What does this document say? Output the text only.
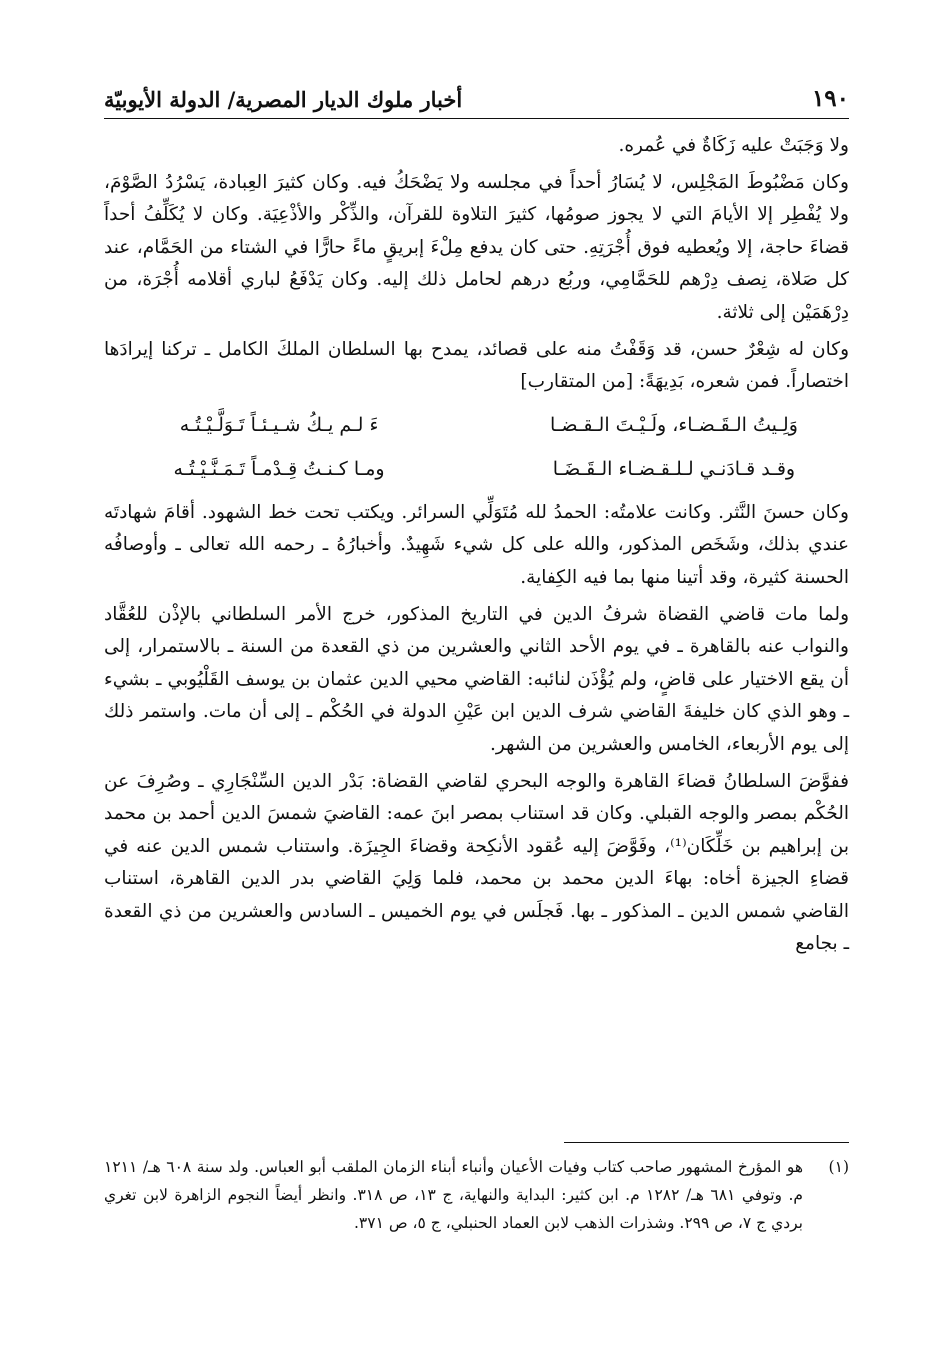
١٩٠
أخبار ملوك الديار المصرية/ الدولة الأيوبيّة

ولا وَجَبَتْ عليه زَكَاةٌ في عُمره.

وكان مَضْبُوطَ المَجْلِس، لا يُسَارُ أحداً في مجلسه ولا يَضْحَكُ فيه. وكان كثيرَ العِبادة، يَسْرُدُ الصَّوْمَ، ولا يُفْطِر إلا الأيامَ التي لا يجوز صومُها، كثيرَ التلاوة للقرآن، والذِّكْر والأذْعِيَة. وكان لا يُكَلِّفُ أحداً قضاءَ حاجة، إلا ويُعطيه فوق أُجْرَتِهِ. حتى كان يدفع مِلْءَ إبريقٍ ماءً حارًّا في الشتاء من الحَمَّام، عند كل صَلاة، نِصف دِرْهم للحَمَّامِي، وربُع درهم لحامل ذلك إليه. وكان يَدْفَعُ لباري أقلامه أُجْرَة، من دِرْهَمَيْن إلى ثلاثة.

وكان له شِعْرٌ حسن، قد وَقَفْتُ منه على قصائد، يمدح بها السلطان الملكَ الكامل ـ تركنا إيرادَها اختصاراً. فمن شعره، بَدِيهَةً: [من المتقارب]

وَلِـيتُ الـقَـضـاء، ولَـيْـتَ الـقـضـا
ءَ لـم يـكُ شـيـئـاً تَـوَلَّـيْـتُـه
وقـد قـادَنـي لـلـقـضـاء الـقَـضَـا
ومـا كـنـتُ قِـدْمـاً تَـمَـنَّـيْـتُـه

وكان حسنَ النَّثر. وكانت علامتُه: الحمدُ لله مُتَوَلِّي السرائر. ويكتب تحت خط الشهود. أقامَ شهادتَه عندي بذلك، وشَخَص المذكور، والله على كل شيء شَهِيدٌ. وأخبارُهُ ـ رحمه الله تعالى ـ وأوصافُه الحسنة كثيرة، وقد أتينا منها بما فيه الكِفاية.

ولما مات قاضي القضاة شرفُ الدين في التاريخ المذكور، خرج الأمر السلطاني بالإذْن للعُقَّاد والنواب عنه بالقاهرة ـ في يوم الأحد الثاني والعشرين من ذي القعدة من السنة ـ بالاستمرار، إلى أن يقع الاختيار على قاضٍ، ولم يُؤْذَن لنائبه: القاضي محيي الدين عثمان بن يوسف القَلْيُوبي ـ بشيء ـ وهو الذي كان خليفةَ القاضي شرف الدين ابن عَيْنِ الدولة في الحُكْم ـ إلى أن مات. واستمر ذلك إلى يوم الأربعاء، الخامس والعشرين من الشهر.

ففوَّضَ السلطانُ قضاءَ القاهرة والوجه البحري لقاضي القضاة: بَدْر الدين السِّنْجَارِي ـ وصُرِفَ عن الحُكْم بمصر والوجه القبلي. وكان قد استناب بمصر ابنَ عمه: القاضيَ شمسَ الدين أحمد بن محمد بن إبراهيم بن خَلِّكَان⁽¹⁾، وفَوَّضَ إليه عُقود الأنكِحة وقضاءَ الجِيزَة. واستناب شمس الدين عنه في قضاءِ الجيزة أخاه: بهاءَ الدين محمد بن محمد، فلما وَلِيَ القاضي بدر الدين القاهرة، استناب القاضي شمس الدين ـ المذكور ـ بها. فَجلَس في يوم الخميس ـ السادس والعشرين من ذي القعدة ـ بجامع

(١)
هو المؤرخ المشهور صاحب كتاب وفيات الأعيان وأنباء أبناء الزمان الملقب أبو العباس. ولد سنة ٦٠٨ هـ/ ١٢١١ م. وتوفي ٦٨١ هـ/ ١٢٨٢ م. ابن كثير: البداية والنهاية، ج ١٣، ص ٣١٨. وانظر أيضاً النجوم الزاهرة لابن تغري بردي ج ٧، ص ٢٩٩. وشذرات الذهب لابن العماد الحنبلي، ج ٥، ص ٣٧١.
